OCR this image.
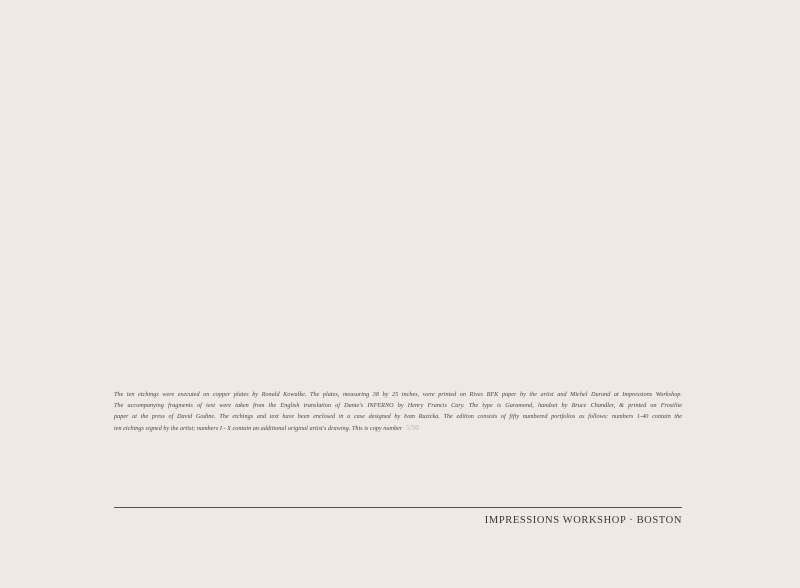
The ten etchings were executed on copper plates by Ronald Kowalke. The plates, measuring 38 by 25 inches, were printed on Rives BFK paper by the artist and Michel Durand at Impressions Workshop.
The accompanying fragments of text were taken from the English translation of Dante's INFERNO by Henry Francis Cary. The type is Garamond, handset by Bruce Chandler, & printed on Frostlite
paper at the press of David Godine. The etchings and text have been enclosed in a case designed by Ivan Ruzicka. The edition consists of fifty numbered portfolios as follows: numbers 1-40 contain the
ten etchings signed by the artist; numbers I - X contain an additional original artist's drawing. This is copy number 5/50
IMPRESSIONS WORKSHOP · BOSTON
